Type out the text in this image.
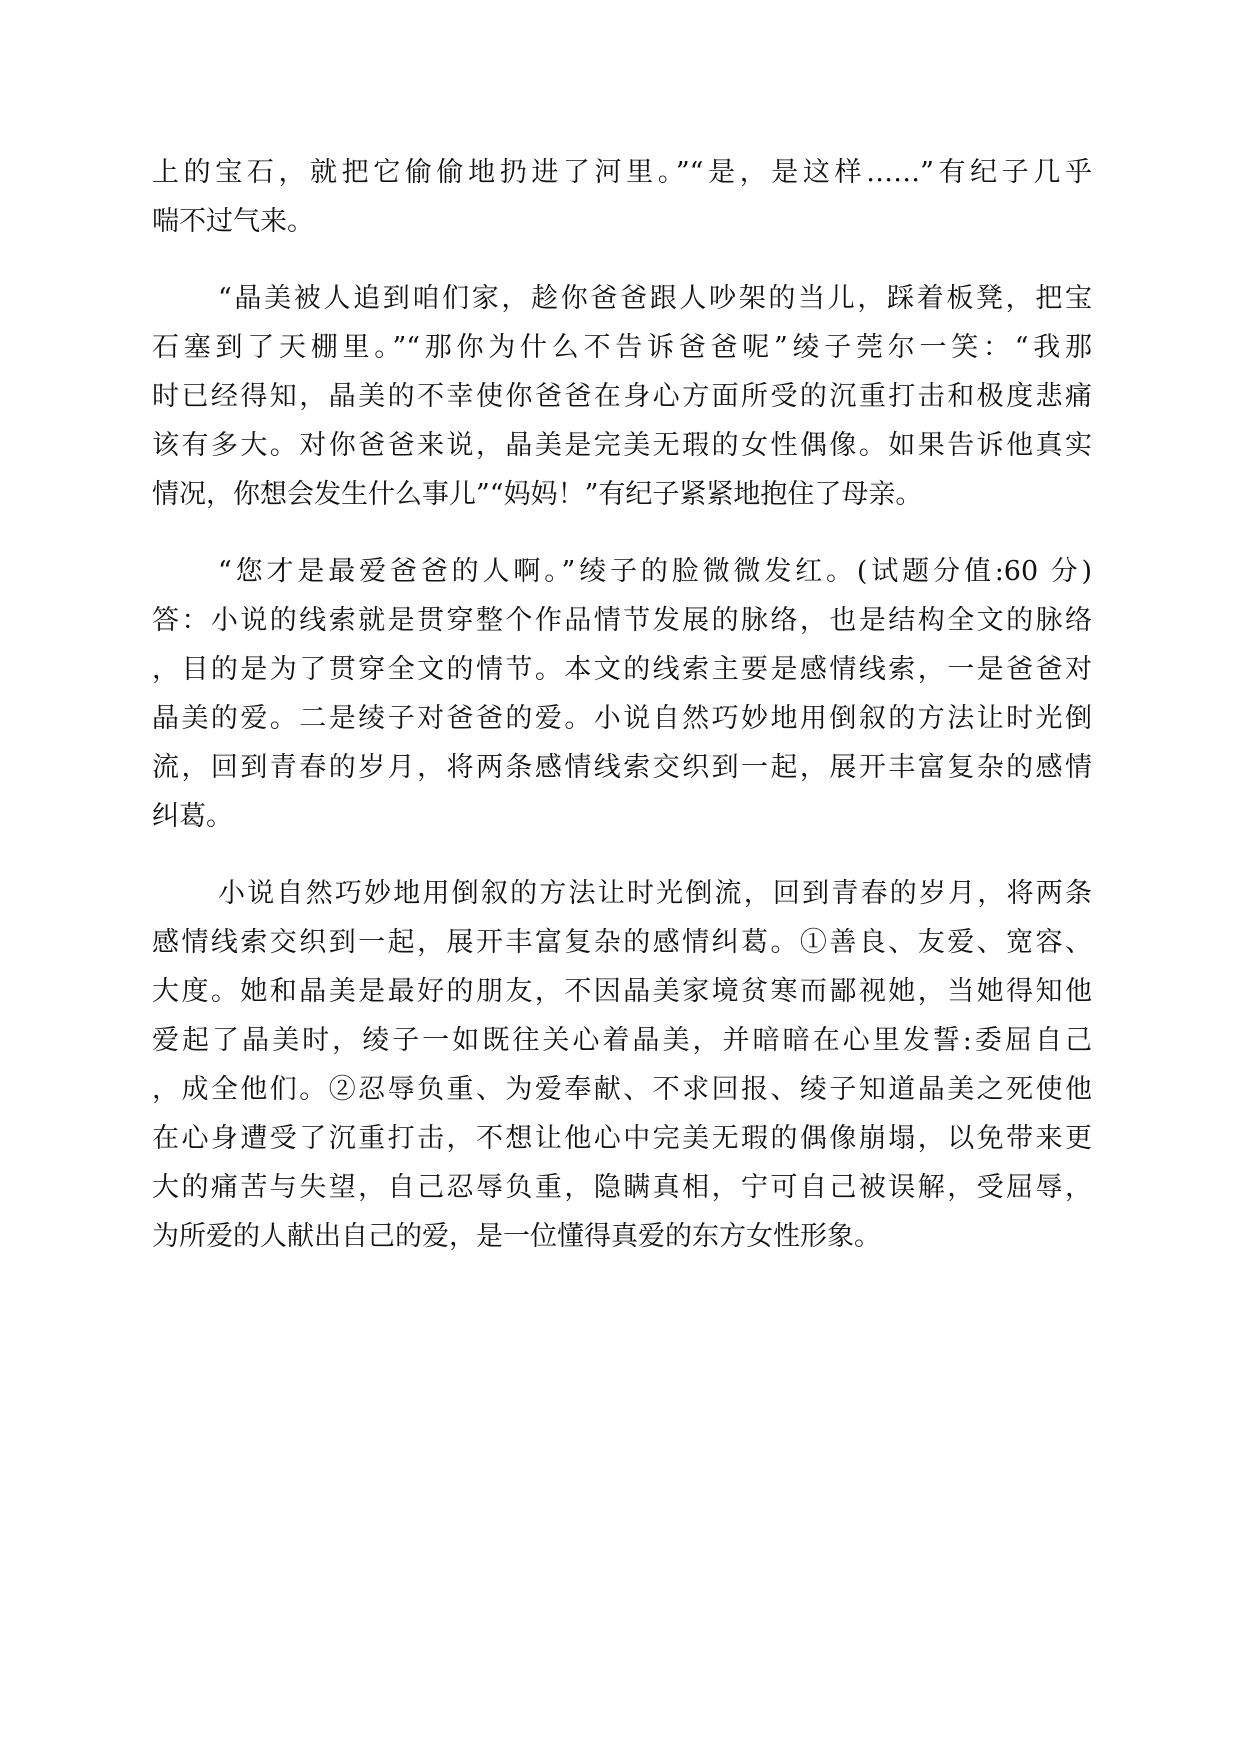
上的宝石，就把它偷偷地扔进了河里。”“是，是这样……”有纪子几乎
喘不过气来。
“晶美被人追到咱们家，趁你爸爸跟人吵架的当儿，踩着板凳，把宝
石塞到了天棚里。”“那你为什么不告诉爸爸呢”绫子莞尔一笑：“我那
时已经得知，晶美的不幸使你爸爸在身心方面所受的沉重打击和极度悲痛
该有多大。对你爸爸来说，晶美是完美无瑕的女性偶像。如果告诉他真实
情况，你想会发生什么事儿”“妈妈！”有纪子紧紧地抱住了母亲。
“您才是最爱爸爸的人啊。”绫子的脸微微发红。(试题分值:60 分)
答：小说的线索就是贯穿整个作品情节发展的脉络，也是结构全文的脉络
，目的是为了贯穿全文的情节。本文的线索主要是感情线索，一是爸爸对
晶美的爱。二是绫子对爸爸的爱。小说自然巧妙地用倒叙的方法让时光倒
流，回到青春的岁月，将两条感情线索交织到一起，展开丰富复杂的感情
纠葛。
小说自然巧妙地用倒叙的方法让时光倒流，回到青春的岁月，将两条
感情线索交织到一起，展开丰富复杂的感情纠葛。①善良、友爱、宽容、
大度。她和晶美是最好的朋友，不因晶美家境贫寒而鄙视她，当她得知他
爱起了晶美时，绫子一如既往关心着晶美，并暗暗在心里发誓:委屈自己
，成全他们。②忍辱负重、为爱奉献、不求回报、绫子知道晶美之死使他
在心身遭受了沉重打击，不想让他心中完美无瑕的偶像崩塌，以免带来更
大的痛苦与失望，自己忍辱负重，隐瞒真相，宁可自己被误解，受屈辱，
为所爱的人献出自己的爱，是一位懂得真爱的东方女性形象。
